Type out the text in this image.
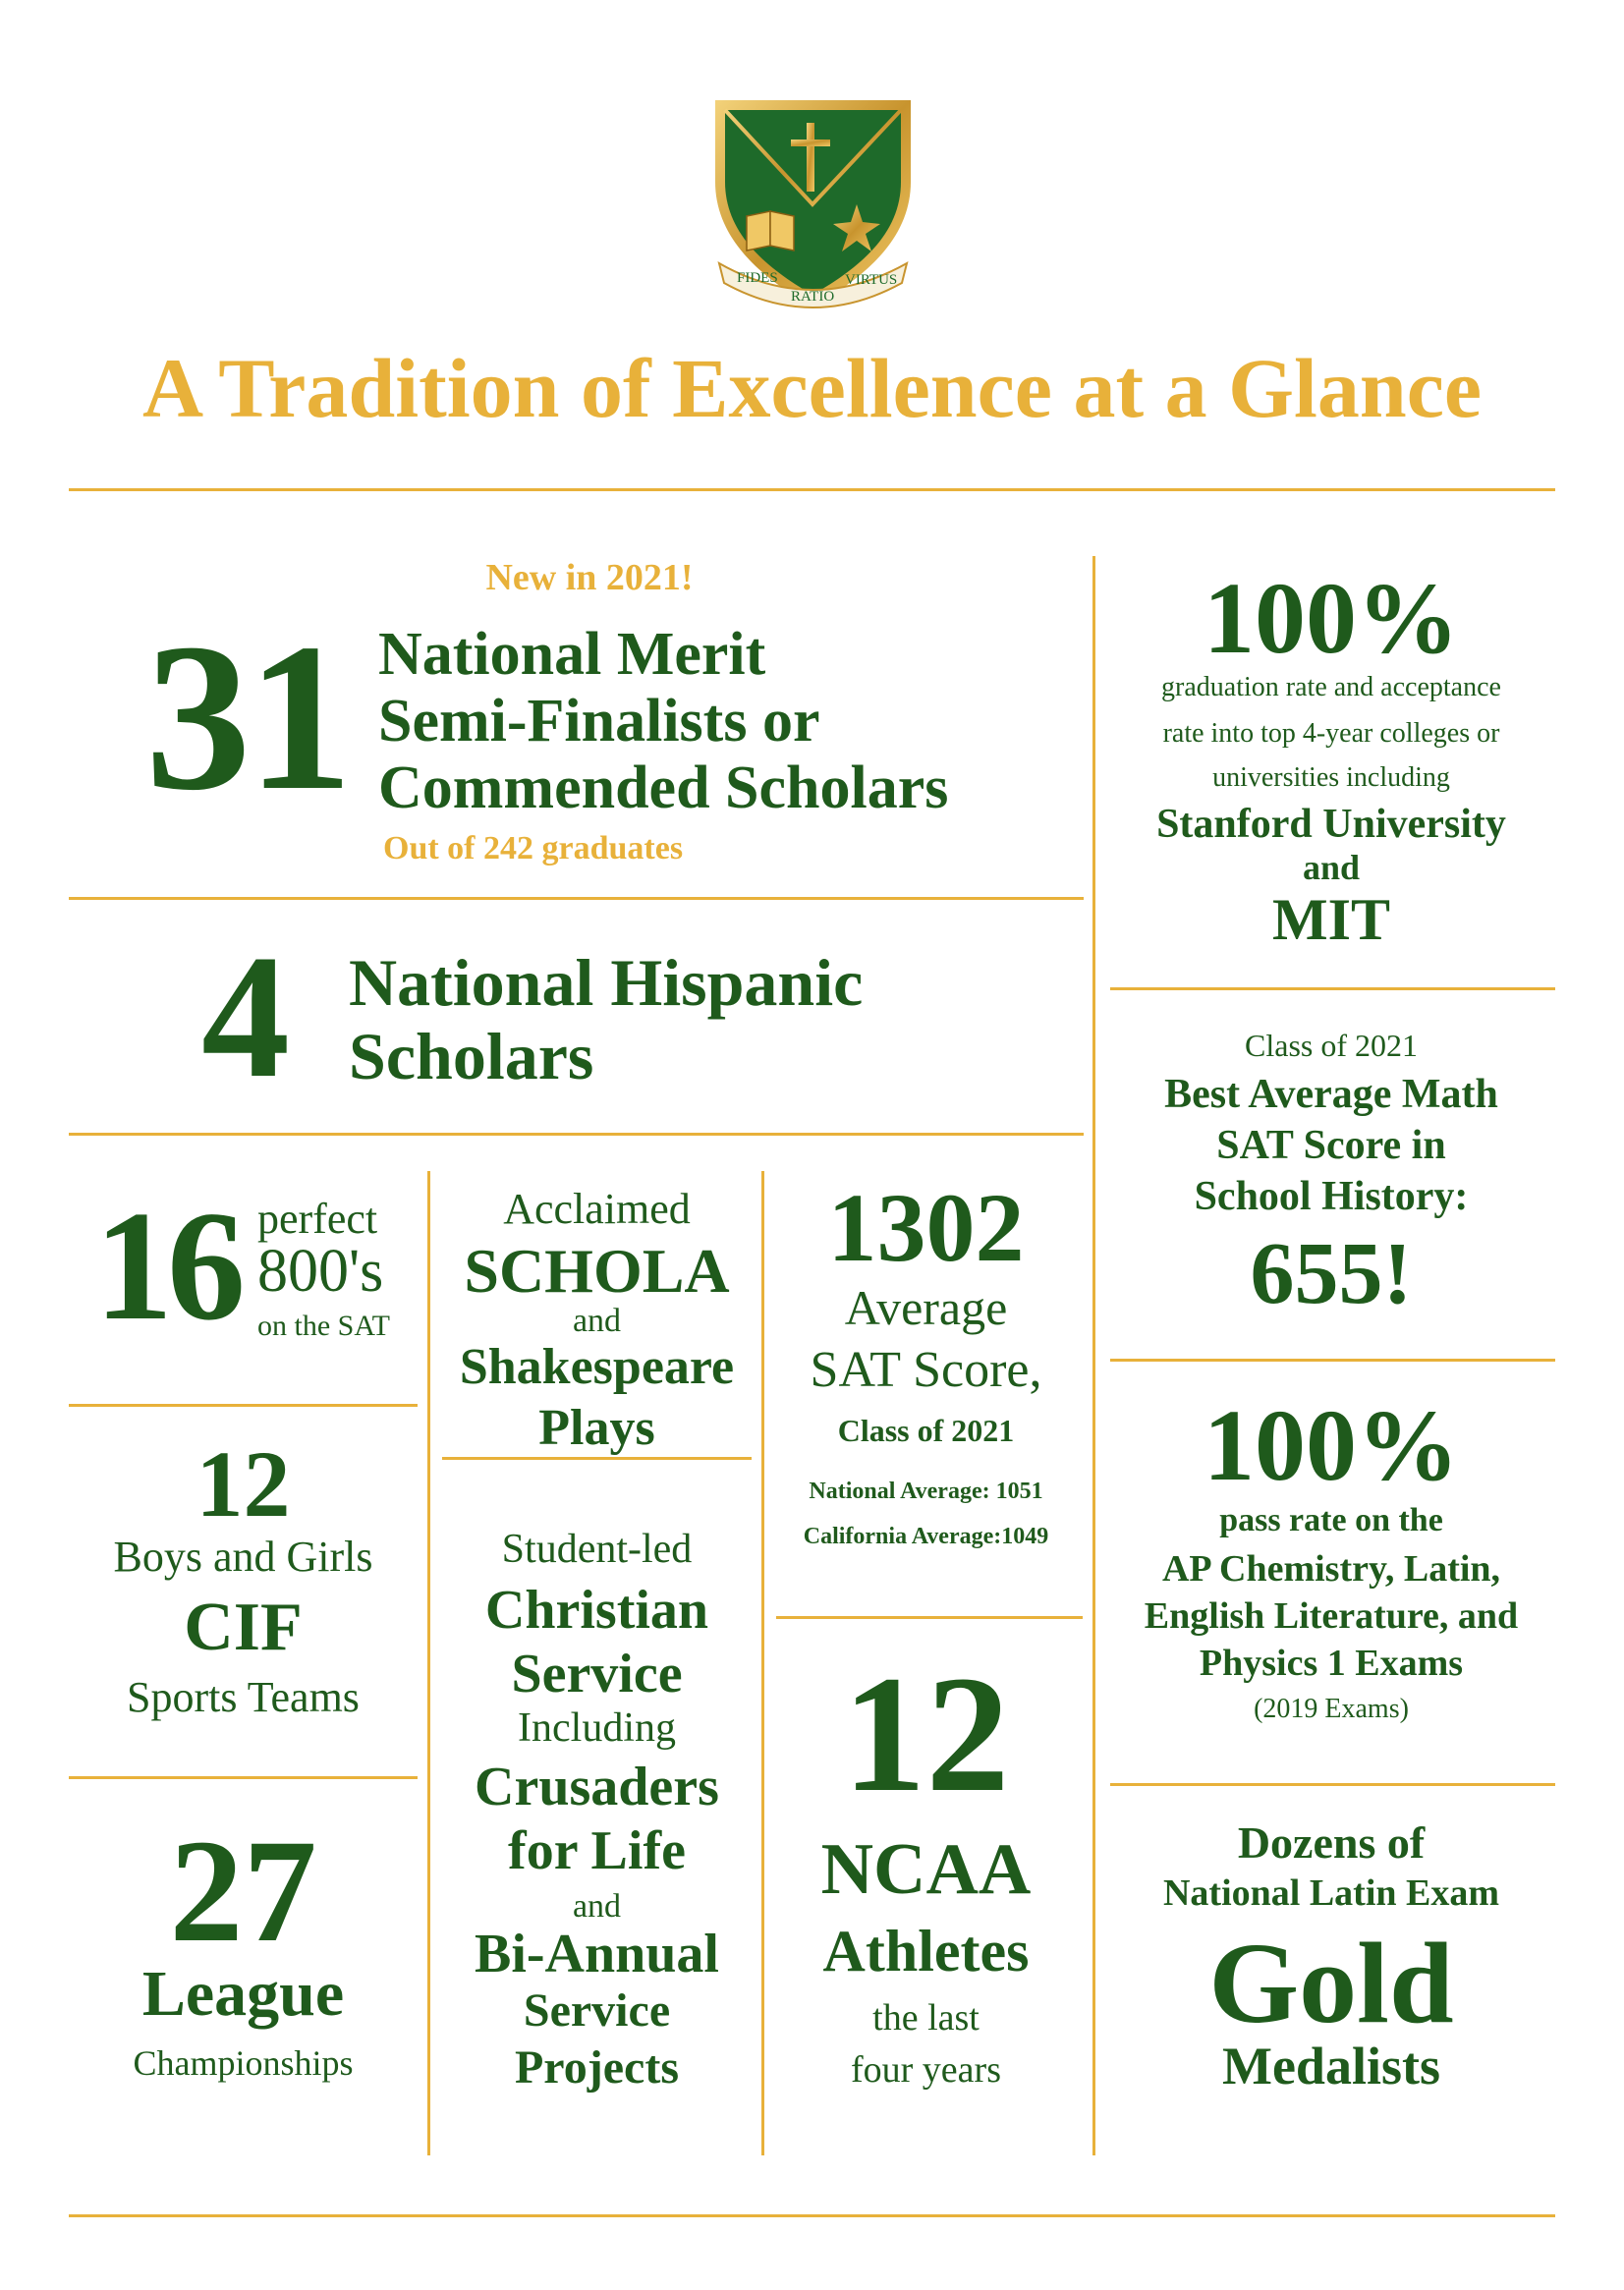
FIDES
RATIO
VIRTUS
A Tradition of Excellence at a Glance
New in 2021!
31 National Merit
Semi-Finalists or
Commended Scholars
Out of 242 graduates
4 National Hispanic
Scholars
16 perfect
800's
on the SAT
12
Boys and Girls
CIF
Sports Teams
27
League
Championships
Acclaimed
SCHOLA
and
Shakespeare
Plays
Student-led
Christian
Service
Including
Crusaders
for Life
and
Bi-Annual
Service
Projects
1302
Average
SAT Score,
Class of 2021
National Average: 1051
California Average:1049
12
NCAA
Athletes
the last
four years
100%
graduation rate and acceptance
rate into top 4-year colleges or
universities including
Stanford University
and
MIT
Class of 2021
Best Average Math
SAT Score in
School History:
655!
100%
pass rate on the
AP Chemistry, Latin,
English Literature, and
Physics 1 Exams
(2019 Exams)
Dozens of
National Latin Exam
Gold
Medalists
